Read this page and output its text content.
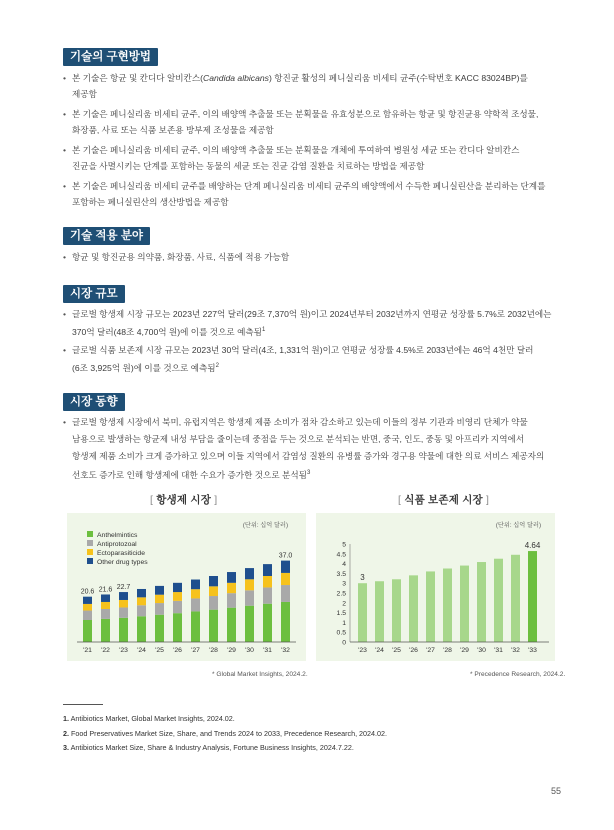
기술의 구현방법
• 본 기술은 항균 및 칸디다 알비칸스(Candida albicans) 항진균 활성의 페니실리움 비세티 균주(수탁번호 KACC 83024BP)를
제공함
• 본 기술은 페니실리움 비세티 균주, 이의 배양액 추출물 또는 분획물을 유효성분으로 함유하는 항균 및 항진균용 약학적 조성물,
화장품, 사료 또는 식품 보존용 방부제 조성물을 제공함
• 본 기술은 페니실리움 비세티 균주, 이의 배양액 추출물 또는 분획물을 개체에 투여하여 병원성 세균 또는 칸디다 알비칸스
진균을 사멸시키는 단계를 포함하는 동물의 세균 또는 진균 감염 질환을 치료하는 방법을 제공함
• 본 기술은 페니실리움 비세티 균주를 배양하는 단계 페니실리움 비세티 균주의 배양액에서 수득한 페니실린산을 분리하는 단계를
포함하는 페니실린산의 생산방법을 제공함
기술 적용 분야
• 항균 및 항진균용 의약품, 화장품, 사료, 식품에 적용 가능함
시장 규모
• 글로벌 항생제 시장 규모는 2023년 227억 달러(29조 7,370억 원)이고 2024년부터 2032년까지 연평균 성장률 5.7%로 2032년에는
370억 달러(48조 4,700억 원)에 이를 것으로 예측됨$^1$
• 글로벌 식품 보존제 시장 규모는 2023년 30억 달러(4조, 1,331억 원)이고 연평균 성장률 4.5%로 2033년에는 46억 4천만 달러
(6조 3,925억 원)에 이를 것으로 예측됨$^2$
시장 동향
• 글로벌 항생제 시장에서 북미, 유럽지역은 항생제 제품 소비가 점차 감소하고 있는데 이들의 정부 기관과 비영리 단체가 약물
남용으로 발생하는 항균제 내성 부담을 줄이는데 중점을 두는 것으로 분석되는 반면, 중국, 인도, 중동 및 아프리카 지역에서
항생제 제품 소비가 크게 증가하고 있으며 이들 지역에서 감염성 질환의 유병률 증가와 경구용 약물에 대한 의료 서비스 제공자의
선호도 증가로 인해 항생제에 대한 수요가 증가한 것으로 분석됨$^3$
[ 항생제 시장 ]
(단위: 십억 달러)
Anthelmintics
Antiprotozoal
Ectoparasiticide
Other drug types
'21
20.6
'22
21.6
'23
22.7
'24 '25 '26 '27 '28 '29 '30 '31 '32
37.0
* Global Market Insights, 2024.2.
[ 식품 보존제 시장 ]
(단위: 십억 달러)
0
0.5
1
1.5
2
2.5
3
3.5
4
4.5
5
'23
3
'24 '25 '26 '27 '28 '29 '30 '31 '32 '33
4.64
* Precedence Research, 2024.2.
1. Antibiotics Market, Global Market Insights, 2024.02.
2. Food Preservatives Market Size, Share, and Trends 2024 to 2033, Precedence Research, 2024.02.
3. Antibiotics Market Size, Share & Industry Analysis, Fortune Business Insights, 2024.7.22.
55
